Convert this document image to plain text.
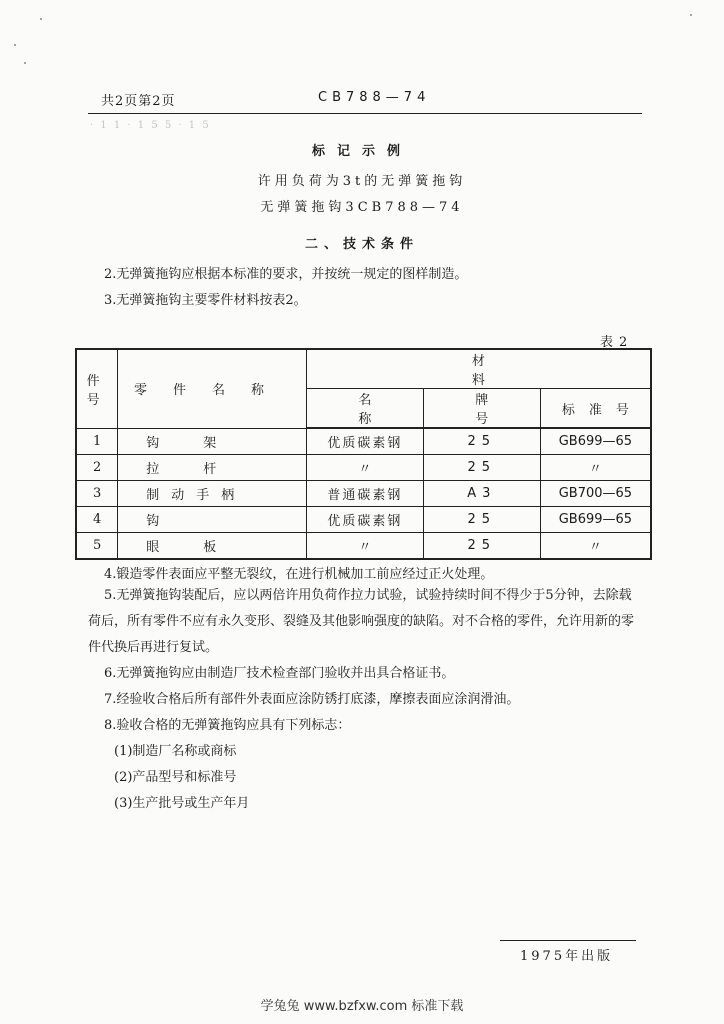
共2页第2页	CB788—74
· 1 1 · 1 5 5 · 1 5
标记示例
许用负荷为3t的无弹簧拖钩
无弹簧拖钩3CB788—74
二、技术条件
2.无弹簧拖钩应根据本标准的要求，并按统一规定的图样制造。
3.无弹簧拖钩主要零件材料按表2。
表2
件号	零件名称	材料		
		名称	牌号	标准号
1	钩架	优质碳素钢	25	GB699—65
2	拉杆	〃	25	〃
3	制动手柄	普通碳素钢	A3	GB700—65
4	钩	优质碳素钢	25	GB699—65
5	眼板	〃	25	〃
4.锻造零件表面应平整无裂纹，在进行机械加工前应经过正火处理。
5.无弹簧拖钩装配后，应以两倍许用负荷作拉力试验，试验持续时间不得少于5分钟，去除载荷后，所有零件不应有永久变形、裂缝及其他影响强度的缺陷。对不合格的零件，允许用新的零件代换后再进行复试。
6.无弹簧拖钩应由制造厂技术检查部门验收并出具合格证书。
7.经验收合格后所有部件外表面应涂防锈打底漆，摩擦表面应涂润滑油。
8.验收合格的无弹簧拖钩应具有下列标志：
(1)制造厂名称或商标
(2)产品型号和标准号
(3)生产批号或生产年月
1975年出版
学兔兔 www.bzfxw.com 标准下载
